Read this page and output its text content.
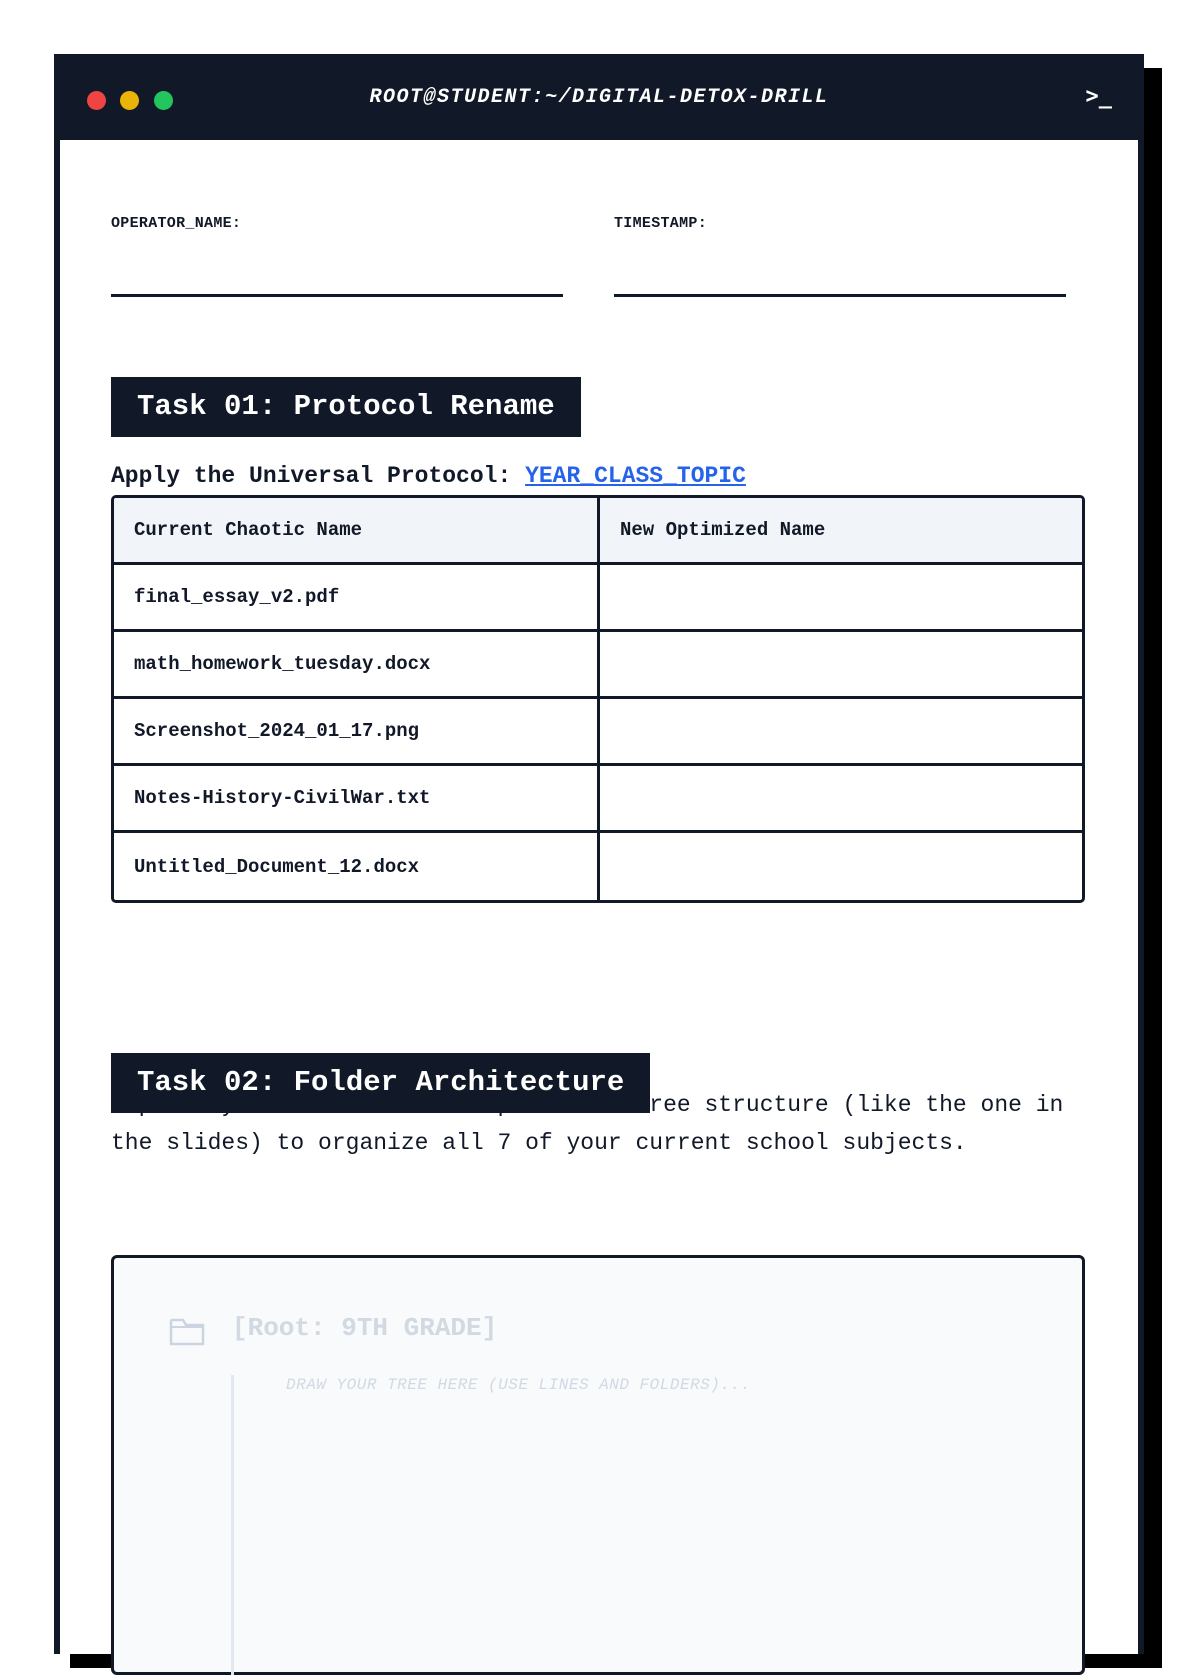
ROOT@STUDENT:~/DIGITAL-DETOX-DRILL	>_
OPERATOR_NAME:	TIMESTAMP:
Task 01: Protocol Rename
Apply the Universal Protocol: YEAR_CLASS_TOPIC
Current Chaotic Name	New Optimized Name
final_essay_v2.pdf	
math_homework_tuesday.docx	
Screenshot_2024_01_17.png	
Notes-History-CivilWar.txt	
Untitled_Document_12.docx	
Task 02: Folder Architecture
Map out your "Perfect Desktop." Use a tree structure (like the one in the slides) to organize all 7 of your current school subjects.
[Root: 9TH GRADE]
DRAW YOUR TREE HERE (USE LINES AND FOLDERS)...
